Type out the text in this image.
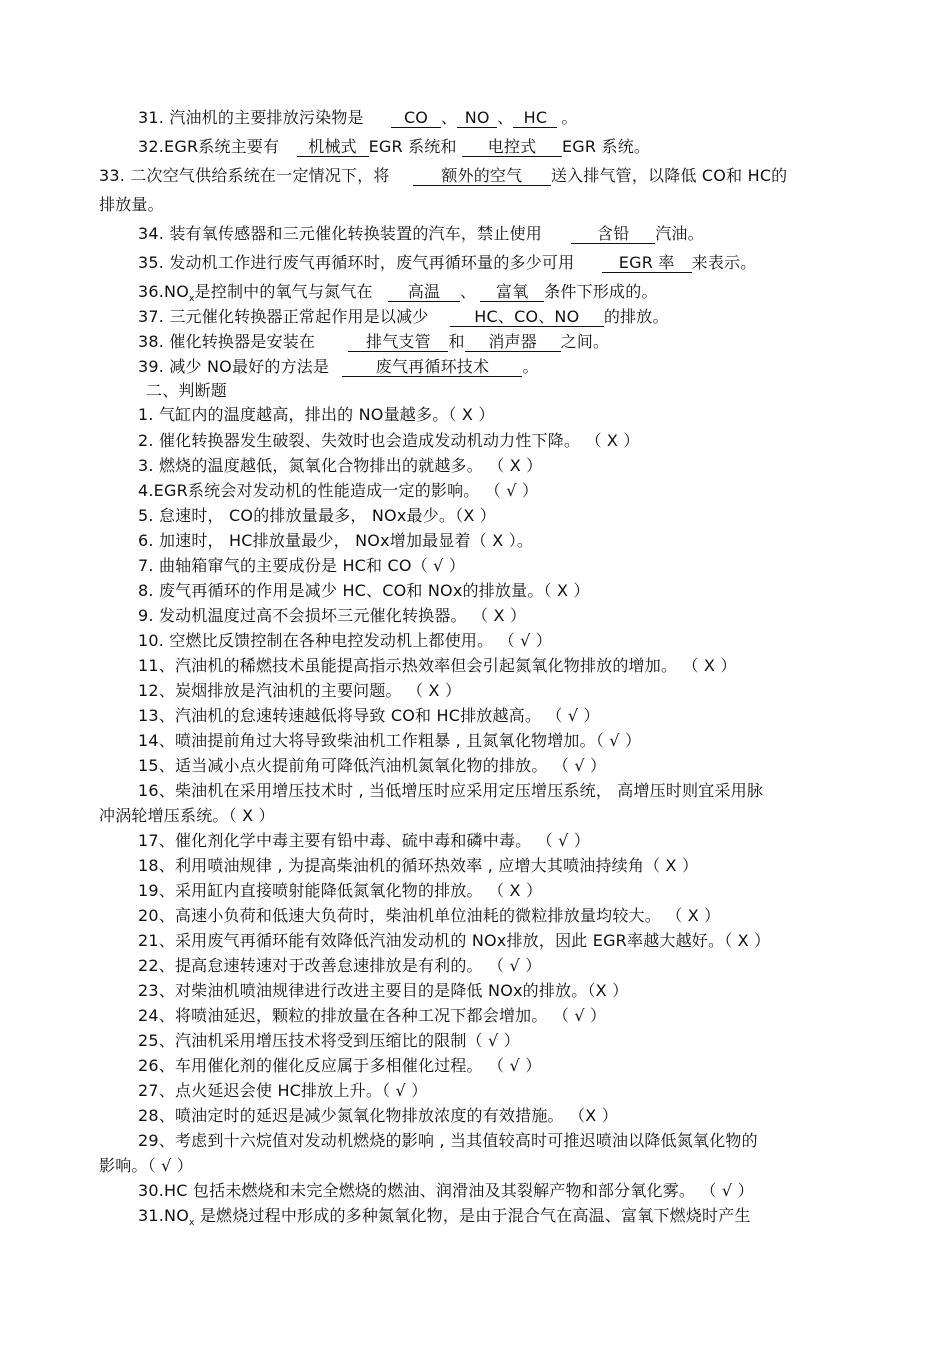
31. 汽油机的主要排放污染物是	CO 、 NO 、 HC 。
32.EGR系统主要有 机械式 EGR 系统和 电控式 EGR 系统。
33. 二次空气供给系统在一定情况下，将	额外的空气 送入排气管，以降低 CO和 HC的
排放量。
34. 装有氧传感器和三元催化转换装置的汽车，禁止使用	含铅 汽油。
35. 发动机工作进行废气再循环时，废气再循环量的多少可用	EGR 率 来表示。
$36.NO_x$是控制中的氧气与氮气在 高温 、 富氧 条件下形成的。
37. 三元催化转换器正常起作用是以减少	HC、CO、NO 的排放。
38. 催化转换器是安装在	排气支管 和 消声器 之间。
39. 减少 NO最好的方法是	废气再循环技术 。
二、判断题
1. 气缸内的温度越高，排出的 NO量越多。（ X ）
2. 催化转换器发生破裂、失效时也会造成发动机动力性下降。 （ X ）
3. 燃烧的温度越低，氮氧化合物排出的就越多。 （ X ）
4.EGR系统会对发动机的性能造成一定的影响。 （ √ ）
5. 怠速时， CO的排放量最多， NOx最少。（X ）
6. 加速时， HC排放量最少， NOx增加最显着（ X ）。
7. 曲轴箱窜气的主要成份是 HC和 CO（ √ ）
8. 废气再循环的作用是减少 HC、CO和 NOx的排放量。（ X ）
9. 发动机温度过高不会损坏三元催化转换器。 （ X ）
10. 空燃比反馈控制在各种电控发动机上都使用。 （ √ ）
11、汽油机的稀燃技术虽能提高指示热效率但会引起氮氧化物排放的增加。 （ X ）
12、炭烟排放是汽油机的主要问题。 （ X ）
13、汽油机的怠速转速越低将导致 CO和 HC排放越高。 （ √ ）
14、喷油提前角过大将导致柴油机工作粗暴 , 且氮氧化物增加。（ √ ）
15、适当减小点火提前角可降低汽油机氮氧化物的排放。 （ √ ）
16、柴油机在采用增压技术时 , 当低增压时应采用定压增压系统， 高增压时则宜采用脉
冲涡轮增压系统。（ X ）
17、催化剂化学中毒主要有铅中毒、硫中毒和磷中毒。 （ √ ）
18、利用喷油规律 , 为提高柴油机的循环热效率 , 应增大其喷油持续角（ X ）
19、采用缸内直接喷射能降低氮氧化物的排放。 （ X ）
20、高速小负荷和低速大负荷时，柴油机单位油耗的微粒排放量均较大。 （ X ）
21、采用废气再循环能有效降低汽油发动机的 NOx排放，因此 EGR率越大越好。（ X ）
22、提高怠速转速对于改善怠速排放是有利的。 （ √ ）
23、对柴油机喷油规律进行改进主要目的是降低 NOx的排放。（X ）
24、将喷油延迟，颗粒的排放量在各种工况下都会增加。 （ √ ）
25、汽油机采用增压技术将受到压缩比的限制（ √ ）
26、车用催化剂的催化反应属于多相催化过程。 （ √ ）
27、点火延迟会使 HC排放上升。（ √ ）
28、喷油定时的延迟是减少氮氧化物排放浓度的有效措施。 （X ）
29、考虑到十六烷值对发动机燃烧的影响 , 当其值较高时可推迟喷油以降低氮氧化物的
影响。（ √ ）
30.HC 包括未燃烧和未完全燃烧的燃油、润滑油及其裂解产物和部分氧化雾。 （ √ ）
$31.NO_x$ 是燃烧过程中形成的多种氮氧化物，是由于混合气在高温、富氧下燃烧时产生
